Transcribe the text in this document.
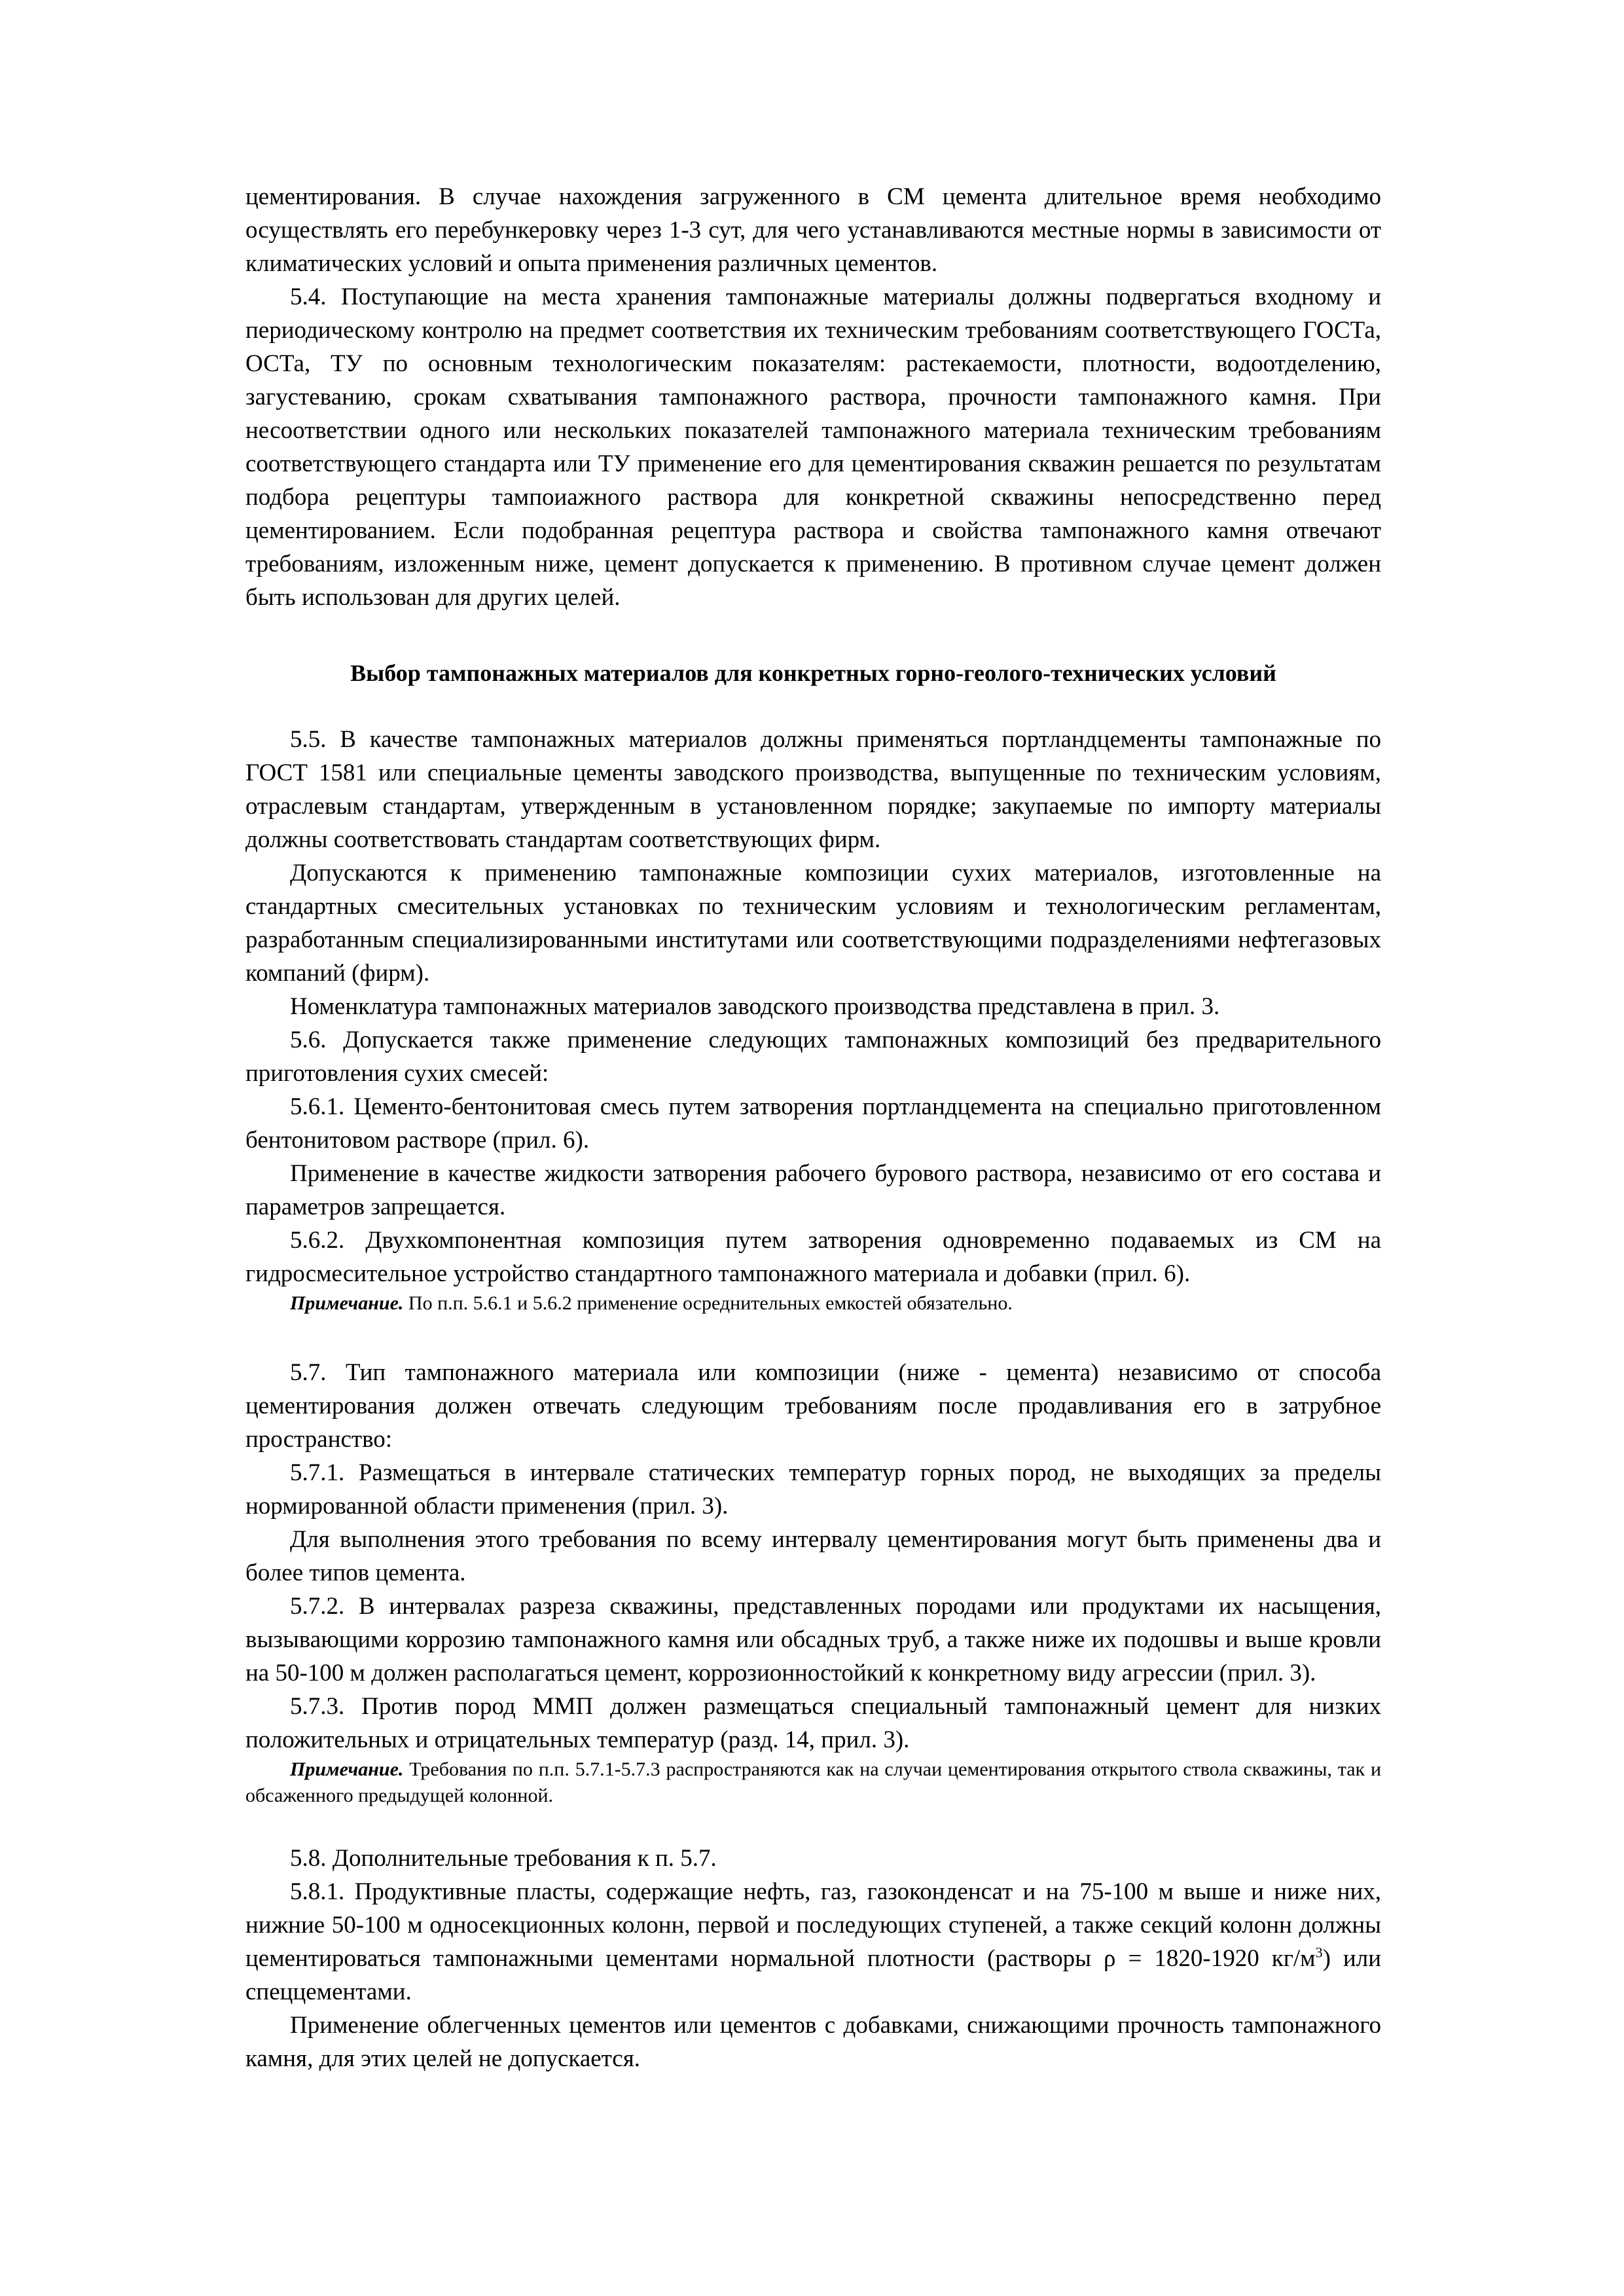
цементирования. В случае нахождения загруженного в СМ цемента длительное время необходимо осуществлять его перебункеровку через 1-3 сут, для чего устанавливаются местные нормы в зависимости от климатических условий и опыта применения различных цементов.

5.4. Поступающие на места хранения тампонажные материалы должны подвергаться входному и периодическому контролю на предмет соответствия их техническим требованиям соответствующего ГОСТа, ОСТа, ТУ по основным технологическим показателям: растекаемости, плотности, водоотделению, загустеванию, срокам схватывания тампонажного раствора, прочности тампонажного камня. При несоответствии одного или нескольких показателей тампонажного материала техническим требованиям соответствующего стандарта или ТУ применение его для цементирования скважин решается по результатам подбора рецептуры тампоиажного раствора для конкретной скважины непосредственно перед цементированием. Если подобранная рецептура раствора и свойства тампонажного камня отвечают требованиям, изложенным ниже, цемент допускается к применению. В противном случае цемент должен быть использован для других целей.

Выбор тампонажных материалов для конкретных горно-геолого-технических условий

5.5. В качестве тампонажных материалов должны применяться портландцементы тампонажные по ГОСТ 1581 или специальные цементы заводского производства, выпущенные по техническим условиям, отраслевым стандартам, утвержденным в установленном порядке; закупаемые по импорту материалы должны соответствовать стандартам соответствующих фирм.

Допускаются к применению тампонажные композиции сухих материалов, изготовленные на стандартных смесительных установках по техническим условиям и технологическим регламентам, разработанным специализированными институтами или соответствующими подразделениями нефтегазовых компаний (фирм).

Номенклатура тампонажных материалов заводского производства представлена в прил. 3.

5.6. Допускается также применение следующих тампонажных композиций без предварительного приготовления сухих смесей:

5.6.1. Цементо-бентонитовая смесь путем затворения портландцемента на специально приготовленном бентонитовом растворе (прил. 6).

Применение в качестве жидкости затворения рабочего бурового раствора, независимо от его состава и параметров запрещается.

5.6.2. Двухкомпонентная композиция путем затворения одновременно подаваемых из СМ на гидросмесительное устройство стандартного тампонажного материала и добавки (прил. 6).

Примечание. По п.п. 5.6.1 и 5.6.2 применение осреднительных емкостей обязательно.

5.7. Тип тампонажного материала или композиции (ниже - цемента) независимо от способа цементирования должен отвечать следующим требованиям после продавливания его в затрубное пространство:

5.7.1. Размещаться в интервале статических температур горных пород, не выходящих за пределы нормированной области применения (прил. 3).

Для выполнения этого требования по всему интервалу цементирования могут быть применены два и более типов цемента.

5.7.2. В интервалах разреза скважины, представленных породами или продуктами их насыщения, вызывающими коррозию тампонажного камня или обсадных труб, а также ниже их подошвы и выше кровли на 50-100 м должен располагаться цемент, коррозионностойкий к конкретному виду агрессии (прил. 3).

5.7.3. Против пород ММП должен размещаться специальный тампонажный цемент для низких положительных и отрицательных температур (разд. 14, прил. 3).

Примечание. Требования по п.п. 5.7.1-5.7.3 распространяются как на случаи цементирования открытого ствола скважины, так и обсаженного предыдущей колонной.

5.8. Дополнительные требования к п. 5.7.

5.8.1. Продуктивные пласты, содержащие нефть, газ, газоконденсат и на 75-100 м выше и ниже них, нижние 50-100 м односекционных колонн, первой и последующих ступеней, а также секций колонн должны цементироваться тампонажными цементами нормальной плотности (растворы ρ = 1820-1920 $кг/м^3$) или спеццементами.

Применение облегченных цементов или цементов с добавками, снижающими прочность тампонажного камня, для этих целей не допускается.
